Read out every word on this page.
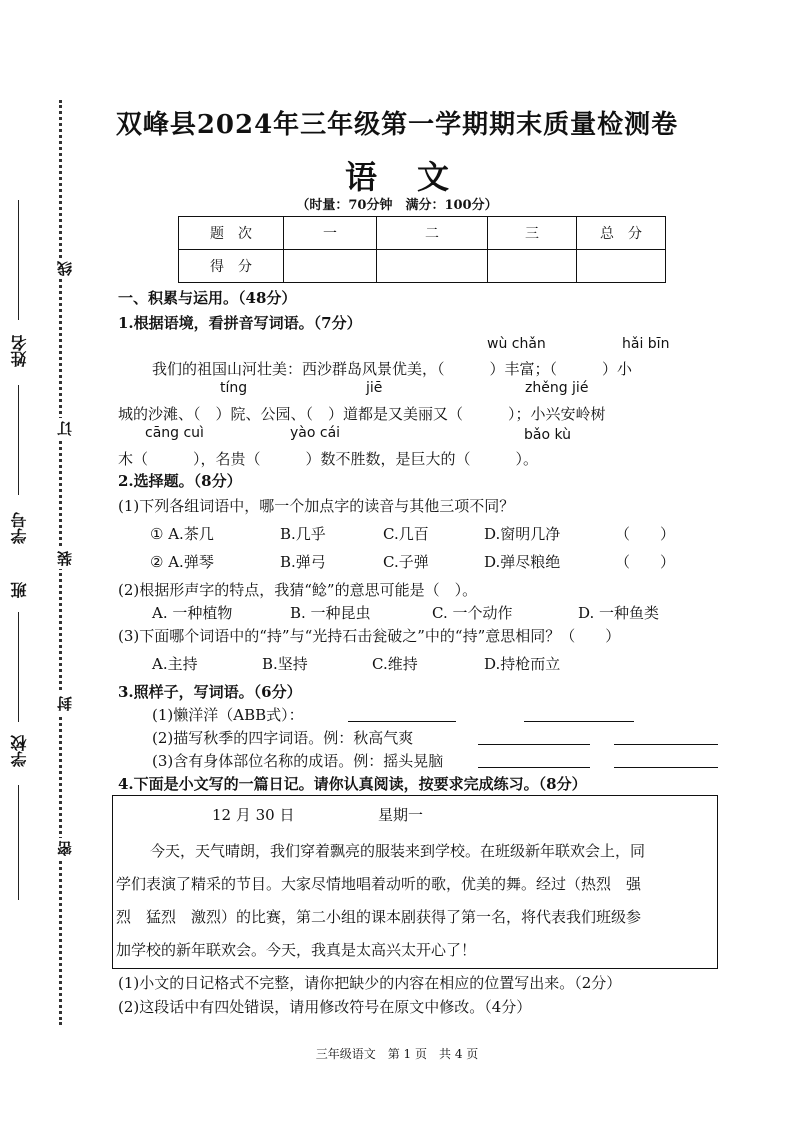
姓名
学号
班
学校
线
订
装
封
密
双峰县2024年三年级第一学期期末质量检测卷
语文
（时量：70分钟　满分：100分）
题　次	一	二	三	总　分
得　分				
一、积累与运用。（48分）
1.根据语境，看拼音写词语。（7分）
wù chǎn	hǎi bīn
我们的祖国山河壮美：西沙群岛风景优美，（　　　）丰富；（　　　）小
tíng	jiē	zhěng jié
城的沙滩、（　）院、公园、（　）道都是又美丽又（　　　）；小兴安岭树
cāng cuì	yào cái	bǎo kù
木（　　　），名贵（　　　）数不胜数，是巨大的（　　　）。
2.选择题。（8分）
(1)下列各组词语中，哪一个加点字的读音与其他三项不同？
① A.茶几	B.几乎	C.几百	D.窗明几净	（　　）
② A.弹琴	B.弹弓	C.子弹	D.弹尽粮绝	（　　）
(2)根据形声字的特点，我猜“鲶”的意思可能是（　）。
A. 一种植物	B. 一种昆虫	C. 一个动作	D. 一种鱼类
(3)下面哪个词语中的“持”与“光持石击瓮破之”中的“持”意思相同？（　　）
A.主持	B.坚持	C.维持	D.持枪而立
3.照样子，写词语。（6分）
(1)懒洋洋（ABB式）：
(2)描写秋季的四字词语。例：秋高气爽
(3)含有身体部位名称的成语。例：摇头晃脑
4.下面是小文写的一篇日记。请你认真阅读，按要求完成练习。（8分）
12 月 30 日	星期一
今天，天气晴朗，我们穿着飘亮的服装来到学校。在班级新年联欢会上，同
学们表演了精采的节目。大家尽情地唱着动听的歌，优美的舞。经过（热烈　强
烈　猛烈　激烈）的比赛，第二小组的课本剧获得了第一名，将代表我们班级参
加学校的新年联欢会。今天，我真是太高兴太开心了！
(1)小文的日记格式不完整，请你把缺少的内容在相应的位置写出来。（2分）
(2)这段话中有四处错误，请用修改符号在原文中修改。（4分）
三年级语文　第 1 页　共 4 页
